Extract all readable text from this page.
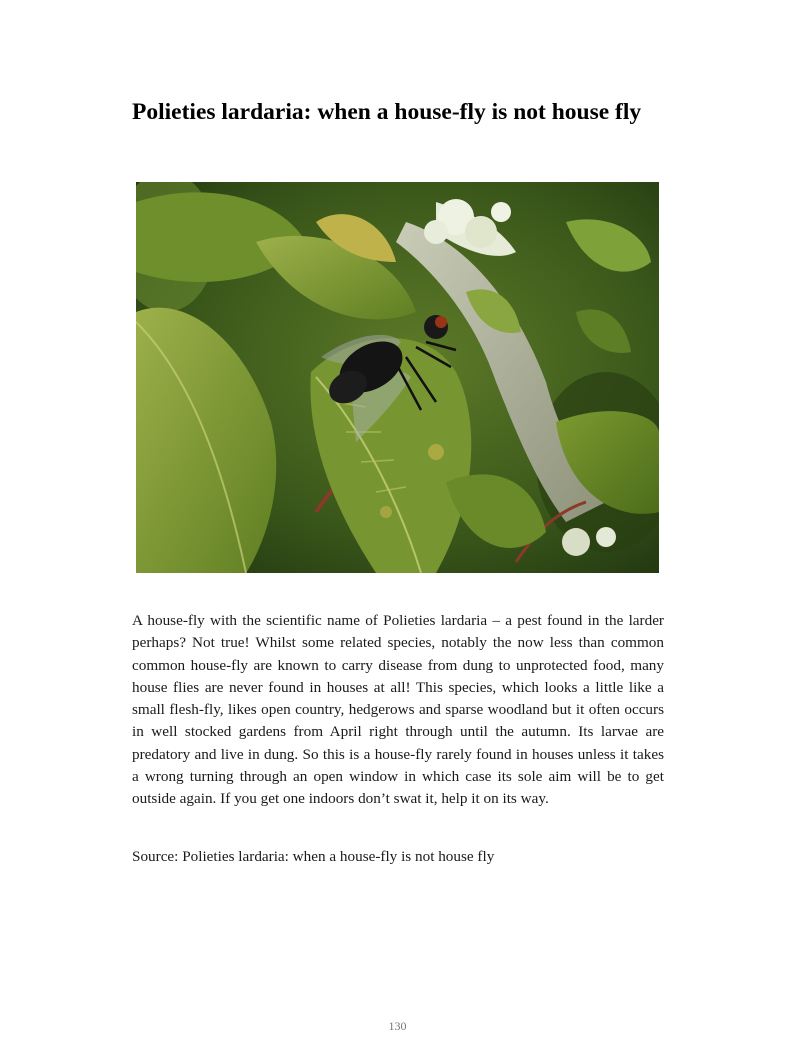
Polieties lardaria: when a house-fly is not house fly

A house-fly with the scientific name of Polieties lardaria – a pest found in the larder perhaps? Not true! Whilst some related species, notably the now less than common common house-fly are known to carry disease from dung to unprotected food, many house flies are never found in houses at all! This species, which looks a little like a small flesh-fly, likes open country, hedgerows and sparse woodland but it often occurs in well stocked gardens from April right through until the autumn. Its larvae are predatory and live in dung. So this is a house-fly rarely found in houses unless it takes a wrong turning through an open window in which case its sole aim will be to get outside again. If you get one indoors don’t swat it, help it on its way.

Source: Polieties lardaria: when a house-fly is not house fly

130
